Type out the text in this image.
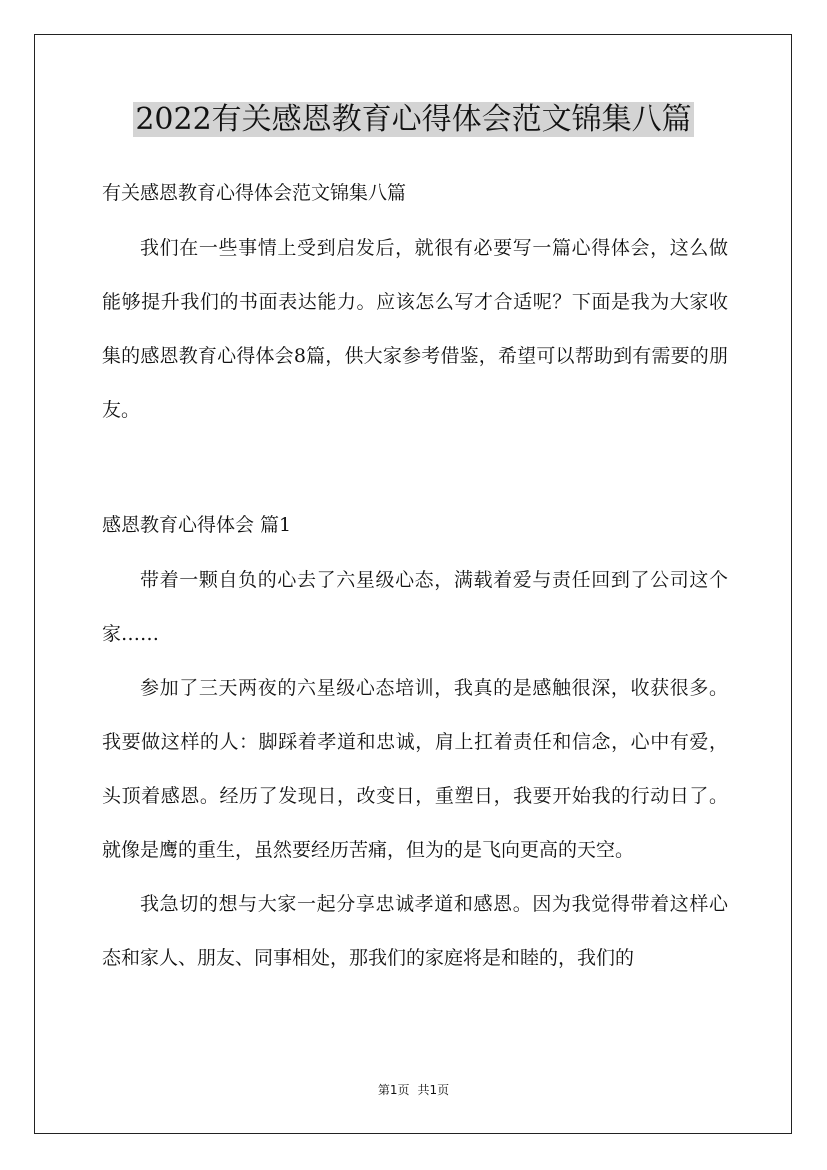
2022有关感恩教育心得体会范文锦集八篇
有关感恩教育心得体会范文锦集八篇

我们在一些事情上受到启发后，就很有必要写一篇心得体会，这么做能够提升我们的书面表达能力。应该怎么写才合适呢？下面是我为大家收集的感恩教育心得体会8篇，供大家参考借鉴，希望可以帮助到有需要的朋友。

感恩教育心得体会 篇1

带着一颗自负的心去了六星级心态，满载着爱与责任回到了公司这个家……

参加了三天两夜的六星级心态培训，我真的是感触很深，收获很多。我要做这样的人：脚踩着孝道和忠诚，肩上扛着责任和信念，心中有爱，头顶着感恩。经历了发现日，改变日，重塑日，我要开始我的行动日了。就像是鹰的重生，虽然要经历苦痛，但为的是飞向更高的天空。

我急切的想与大家一起分享忠诚孝道和感恩。因为我觉得带着这样心态和家人、朋友、同事相处，那我们的家庭将是和睦的，我们的

第1页 共1页
